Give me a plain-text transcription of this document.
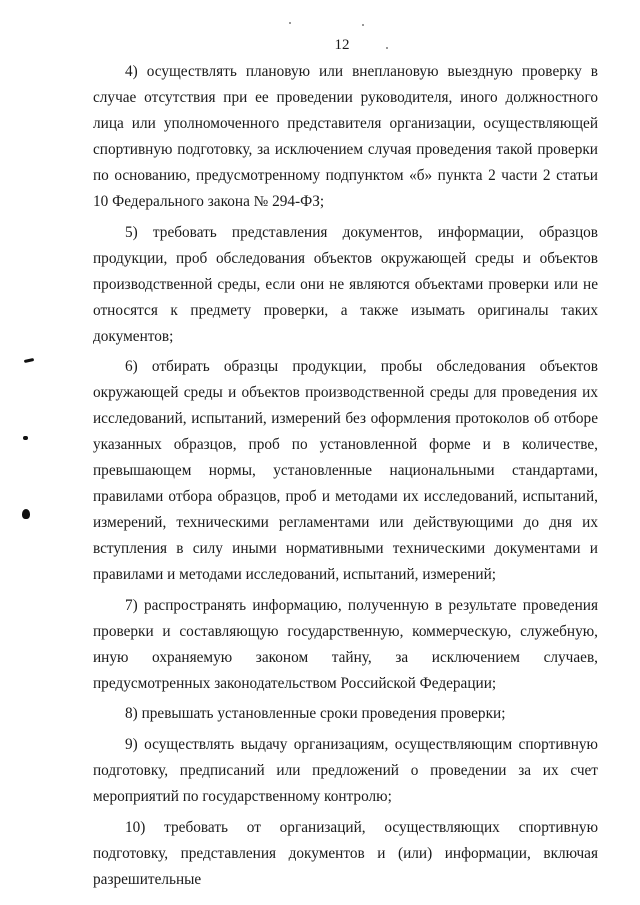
12

4) осуществлять плановую или внеплановую выездную проверку в случае отсутствия при ее проведении руководителя, иного должностного лица или уполномоченного представителя организации, осуществляющей спортивную подготовку, за исключением случая проведения такой проверки по основанию, предусмотренному подпунктом «б» пункта 2 части 2 статьи 10 Федерального закона № 294-ФЗ;

5) требовать представления документов, информации, образцов продукции, проб обследования объектов окружающей среды и объектов производственной среды, если они не являются объектами проверки или не относятся к предмету проверки, а также изымать оригиналы таких документов;

6) отбирать образцы продукции, пробы обследования объектов окружающей среды и объектов производственной среды для проведения их исследований, испытаний, измерений без оформления протоколов об отборе указанных образцов, проб по установленной форме и в количестве, превышающем нормы, установленные национальными стандартами, правилами отбора образцов, проб и методами их исследований, испытаний, измерений, техническими регламентами или действующими до дня их вступления в силу иными нормативными техническими документами и правилами и методами исследований, испытаний, измерений;

7) распространять информацию, полученную в результате проведения проверки и составляющую государственную, коммерческую, служебную, иную охраняемую законом тайну, за исключением случаев, предусмотренных законодательством Российской Федерации;

8) превышать установленные сроки проведения проверки;

9) осуществлять выдачу организациям, осуществляющим спортивную подготовку, предписаний или предложений о проведении за их счет мероприятий по государственному контролю;

10) требовать от организаций, осуществляющих спортивную подготовку, представления документов и (или) информации, включая разрешительные
